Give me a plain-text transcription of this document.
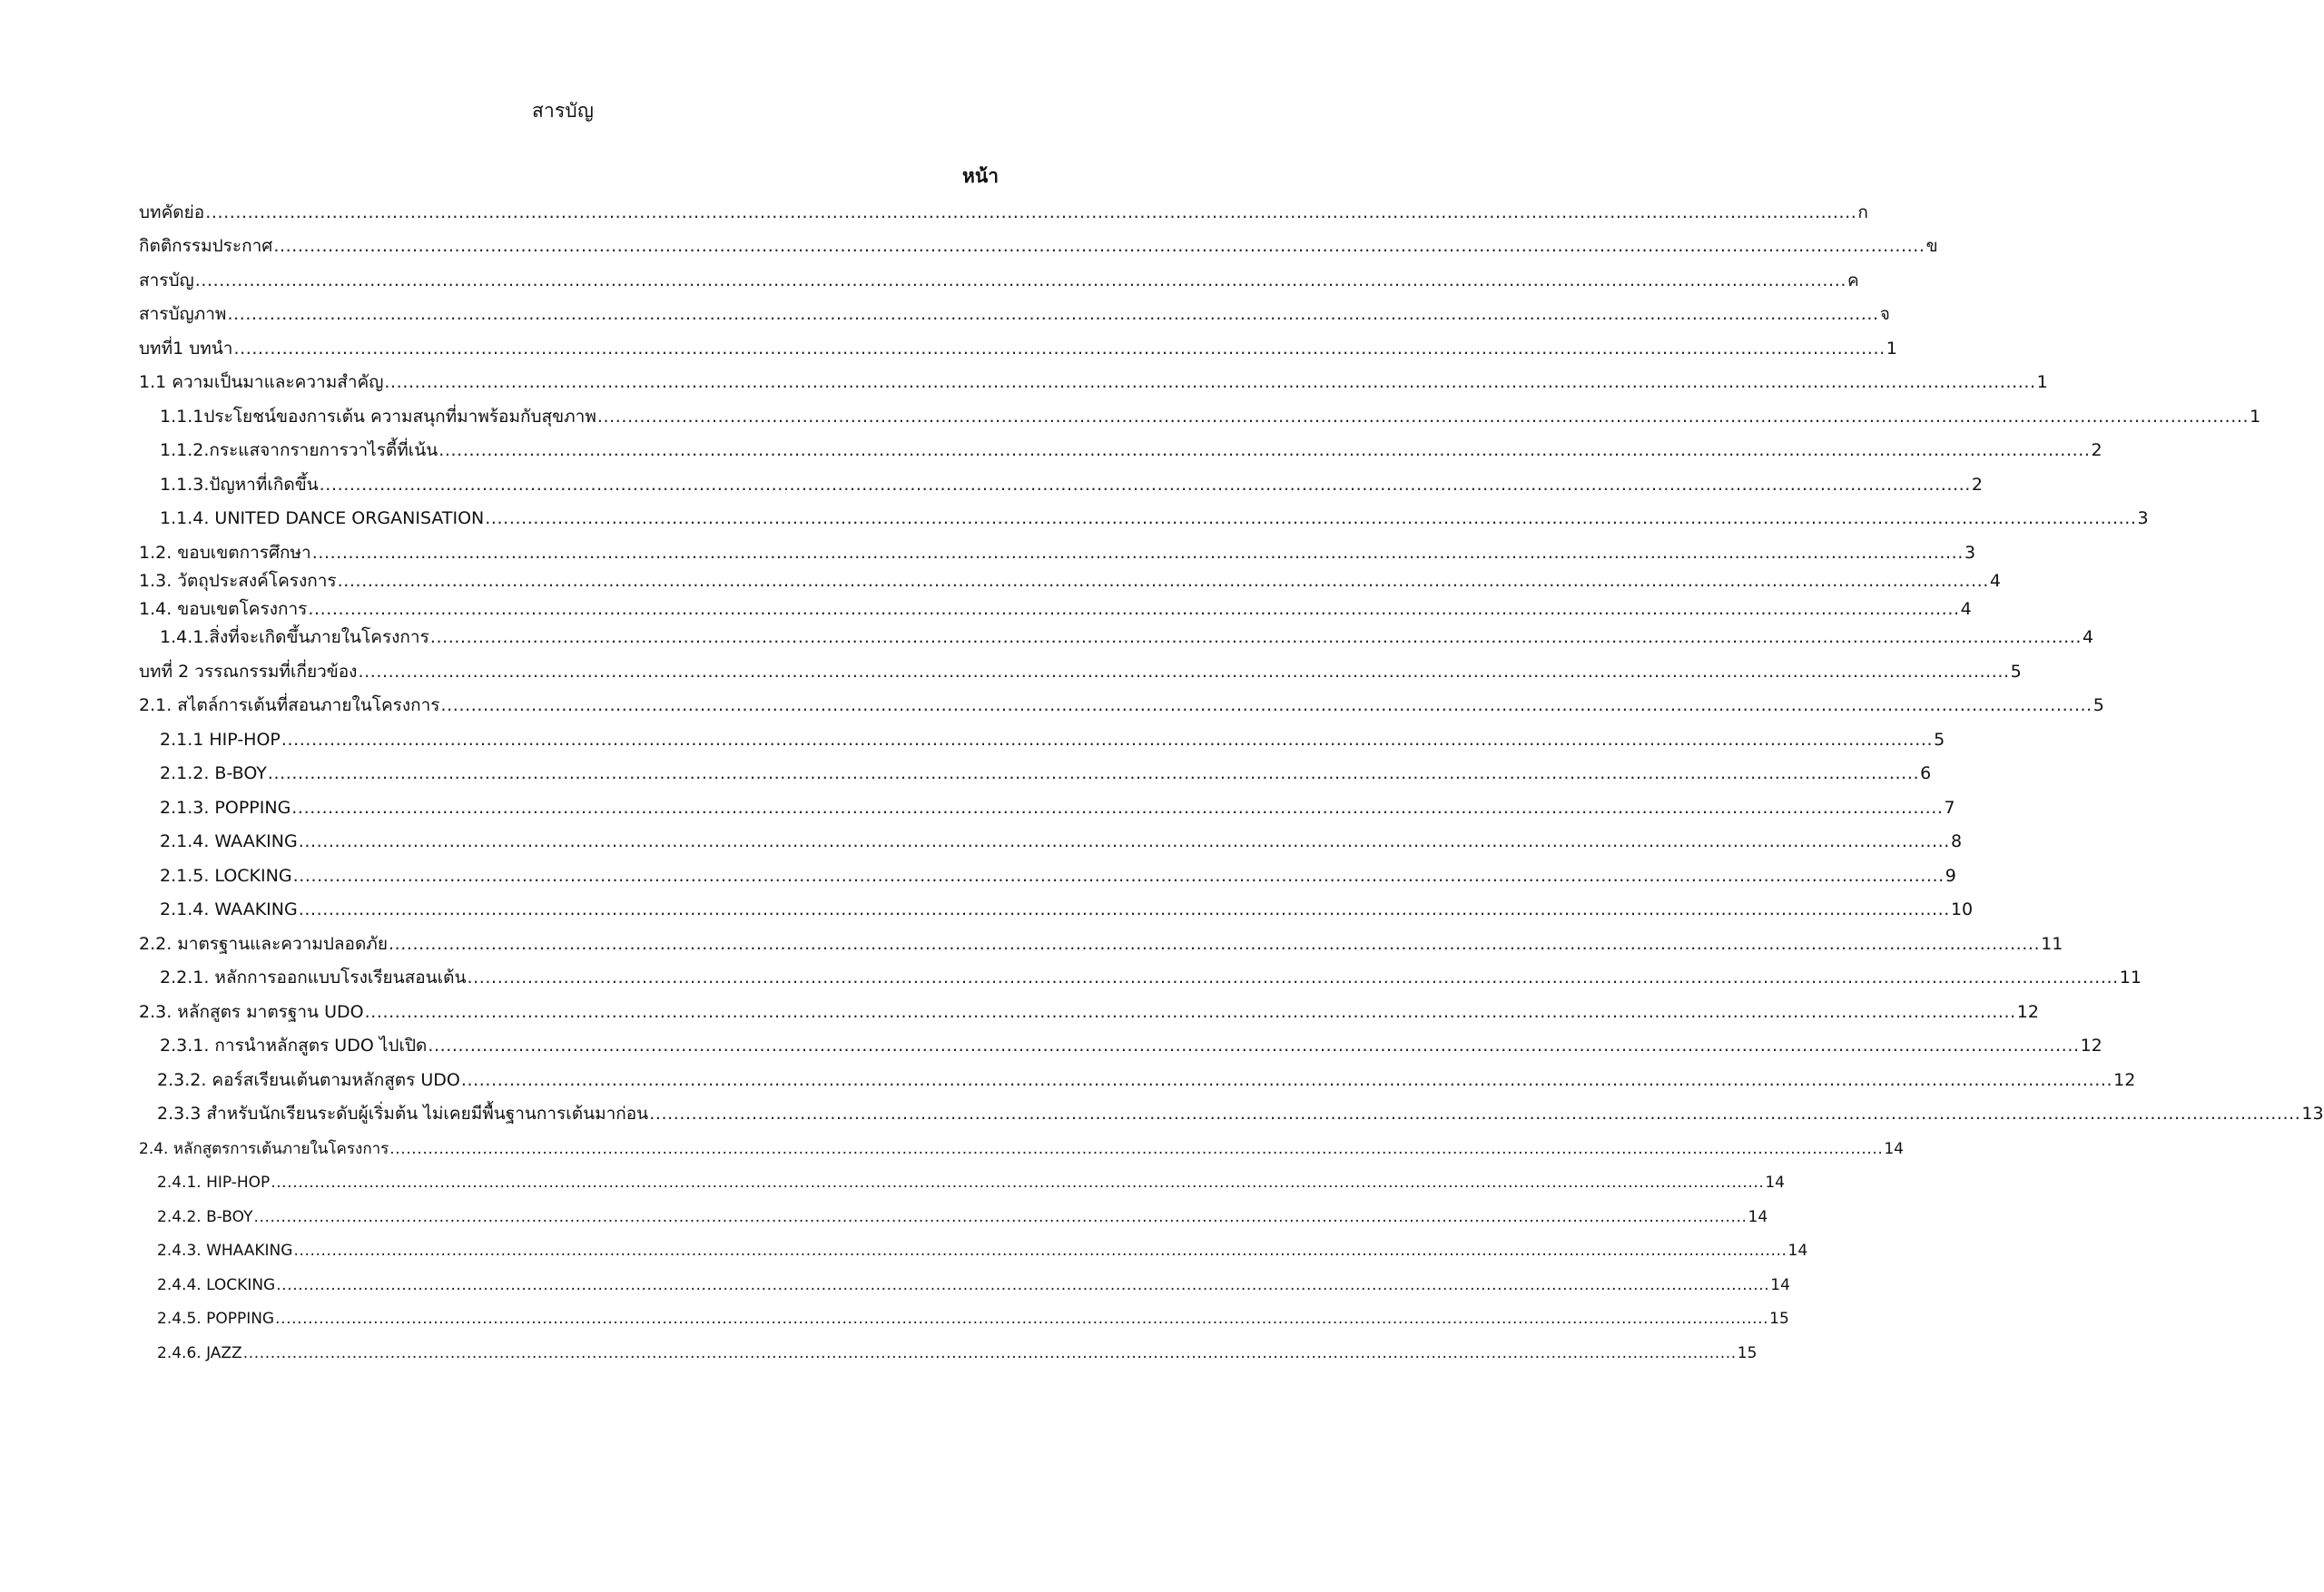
สารบัญ
หน้า
บทคัดย่อ .................................................................................................................................................................................................................................................................................. ก
กิตติกรรมประกาศ .................................................................................................................................................................................................................................................................................. ข
สารบัญ .................................................................................................................................................................................................................................................................................. ค
สารบัญภาพ .................................................................................................................................................................................................................................................................................. จ
บทที่1 บทนำ .................................................................................................................................................................................................................................................................................. 1
1.1 ความเป็นมาและความสำคัญ .................................................................................................................................................................................................................................................................................. 1
1.1.1ประโยชน์ของการเต้น ความสนุกที่มาพร้อมกับสุขภาพ .................................................................................................................................................................................................................................................................................. 1
1.1.2.กระแสจากรายการวาไรตี้ที่เน้น .................................................................................................................................................................................................................................................................................. 2
1.1.3.ปัญหาที่เกิดขึ้น .................................................................................................................................................................................................................................................................................. 2
1.1.4. UNITED DANCE ORGANISATION .................................................................................................................................................................................................................................................................................. 3
1.2. ขอบเขตการศึกษา .................................................................................................................................................................................................................................................................................. 3
1.3. วัตถุประสงค์โครงการ .................................................................................................................................................................................................................................................................................. 4
1.4. ขอบเขตโครงการ .................................................................................................................................................................................................................................................................................. 4
1.4.1.สิ่งที่จะเกิดขึ้นภายในโครงการ .................................................................................................................................................................................................................................................................................. 4
บทที่ 2 วรรณกรรมที่เกี่ยวข้อง .................................................................................................................................................................................................................................................................................. 5
2.1. สไตล์การเต้นที่สอนภายในโครงการ .................................................................................................................................................................................................................................................................................. 5
2.1.1 HIP-HOP .................................................................................................................................................................................................................................................................................. 5
2.1.2. B-BOY .................................................................................................................................................................................................................................................................................. 6
2.1.3. POPPING .................................................................................................................................................................................................................................................................................. 7
2.1.4. WAAKING .................................................................................................................................................................................................................................................................................. 8
2.1.5. LOCKING .................................................................................................................................................................................................................................................................................. 9
2.1.4. WAAKING .................................................................................................................................................................................................................................................................................. 10
2.2. มาตรฐานและความปลอดภัย .................................................................................................................................................................................................................................................................................. 11
2.2.1. หลักการออกแบบโรงเรียนสอนเต้น .................................................................................................................................................................................................................................................................................. 11
2.3. หลักสูตร มาตรฐาน UDO .................................................................................................................................................................................................................................................................................. 12
2.3.1. การนำหลักสูตร UDO ไปเปิด .................................................................................................................................................................................................................................................................................. 12
2.3.2. คอร์สเรียนเต้นตามหลักสูตร UDO .................................................................................................................................................................................................................................................................................. 12
2.3.3 สำหรับนักเรียนระดับผู้เริ่มต้น ไม่เคยมีพื้นฐานการเต้นมาก่อน .................................................................................................................................................................................................................................................................................. 13
2.4. หลักสูตรการเต้นภายในโครงการ .................................................................................................................................................................................................................................................................................. 14
2.4.1. HIP-HOP .................................................................................................................................................................................................................................................................................. 14
2.4.2. B-BOY .................................................................................................................................................................................................................................................................................. 14
2.4.3. WHAAKING .................................................................................................................................................................................................................................................................................. 14
2.4.4. LOCKING .................................................................................................................................................................................................................................................................................. 14
2.4.5. POPPING .................................................................................................................................................................................................................................................................................. 15
2.4.6. JAZZ .................................................................................................................................................................................................................................................................................. 15
